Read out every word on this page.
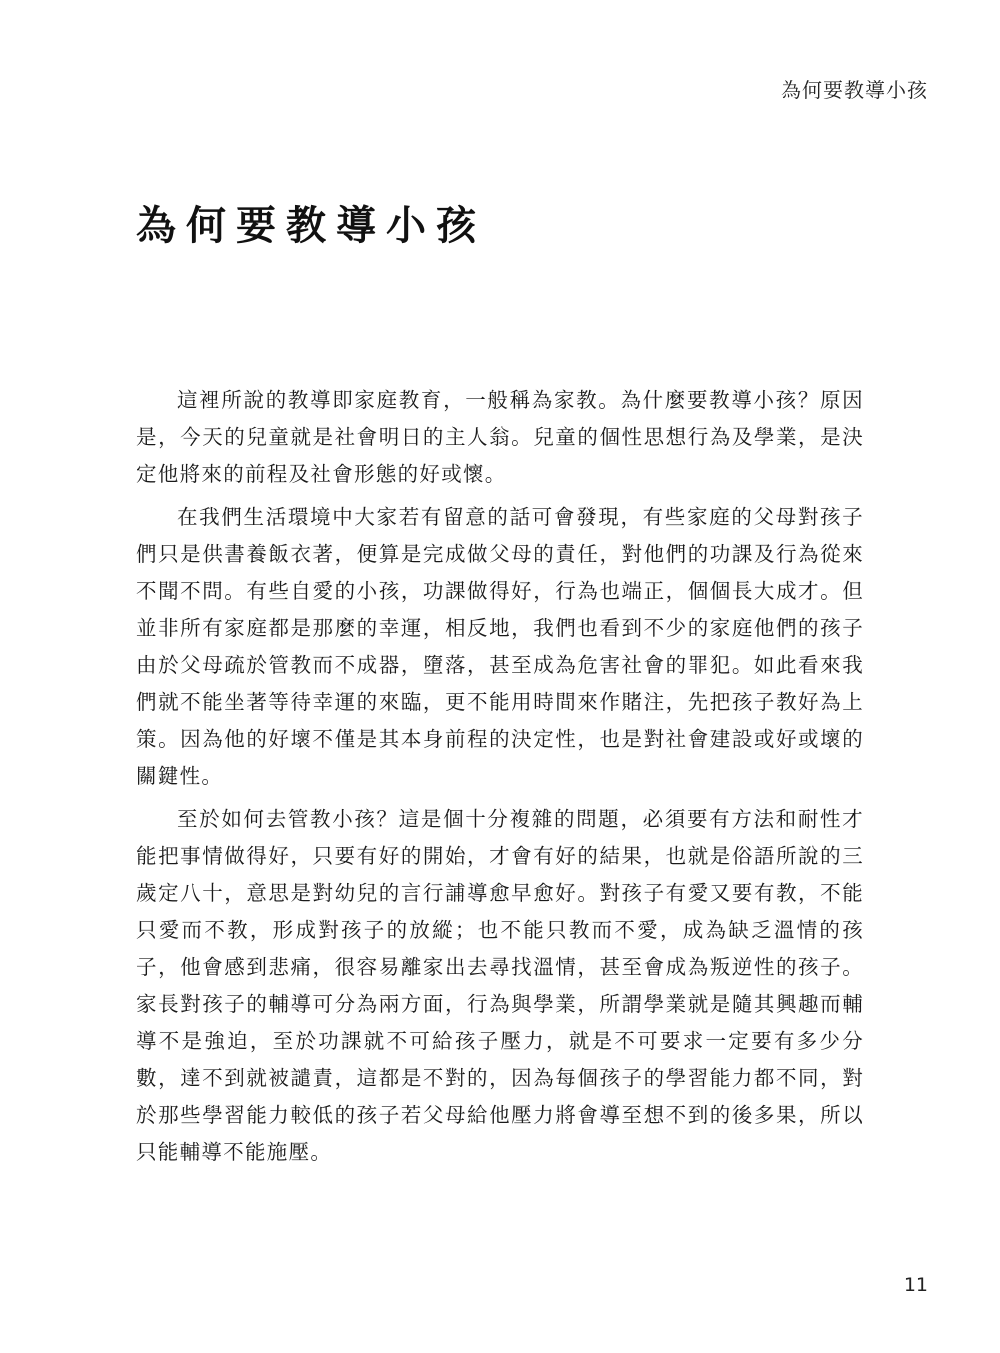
為何要教導小孩
為何要教導小孩

這裡所說的教導即家庭教育，一般稱為家教。為什麼要教導小孩？原因是，今天的兒童就是社會明日的主人翁。兒童的個性思想行為及學業，是決定他將來的前程及社會形態的好或懷。

在我們生活環境中大家若有留意的話可會發現，有些家庭的父母對孩子們只是供書養飯衣著，便算是完成做父母的責任，對他們的功課及行為從來不聞不問。有些自愛的小孩，功課做得好，行為也端正，個個長大成才。但並非所有家庭都是那麼的幸運，相反地，我們也看到不少的家庭他們的孩子由於父母疏於管教而不成器，墮落，甚至成為危害社會的罪犯。如此看來我們就不能坐著等待幸運的來臨，更不能用時間來作賭注，先把孩子教好為上策。因為他的好壞不僅是其本身前程的決定性，也是對社會建設或好或壞的關鍵性。

至於如何去管教小孩？這是個十分複雜的問題，必須要有方法和耐性才能把事情做得好，只要有好的開始，才會有好的結果，也就是俗語所說的三歲定八十，意思是對幼兒的言行誧導愈早愈好。對孩子有愛又要有教，不能只愛而不教，形成對孩子的放縱；也不能只教而不愛，成為缺乏溫情的孩子，他會感到悲痛，很容易離家出去尋找溫情，甚至會成為叛逆性的孩子。家長對孩子的輔導可分為兩方面，行為與學業，所謂學業就是隨其興趣而輔導不是強迫，至於功課就不可給孩子壓力，就是不可要求一定要有多少分數，達不到就被譴責，這都是不對的，因為每個孩子的學習能力都不同，對於那些學習能力較低的孩子若父母給他壓力將會導至想不到的後多果，所以只能輔導不能施壓。

11
